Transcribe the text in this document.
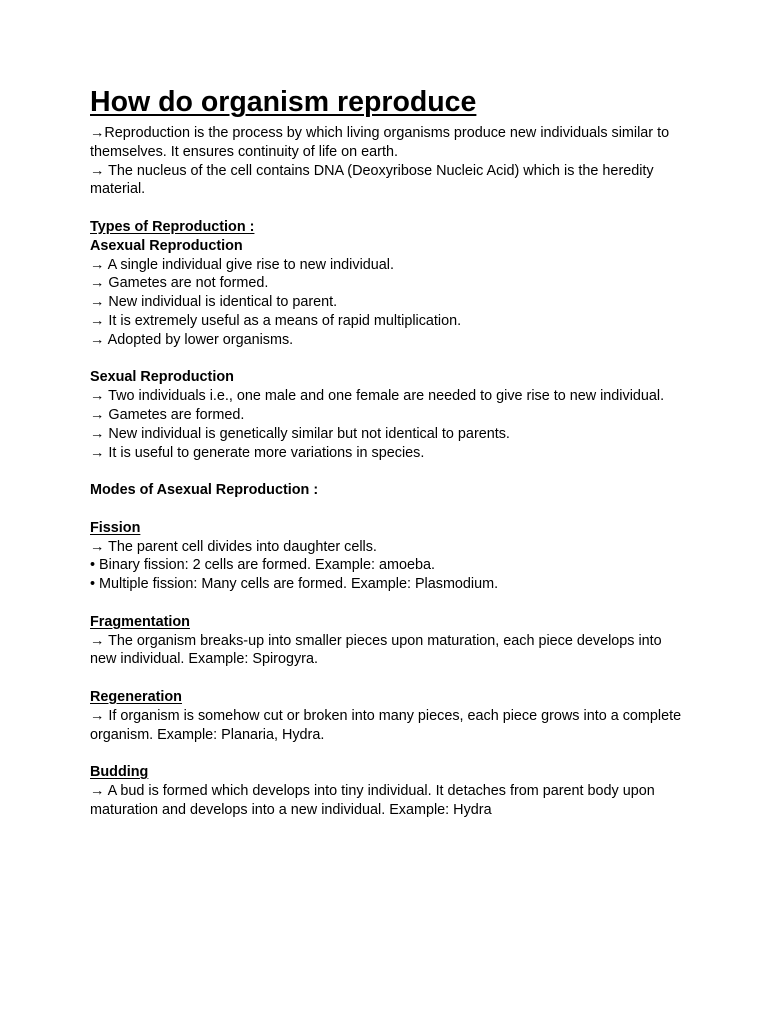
How do organism reproduce

→Reproduction is the process by which living organisms produce new individuals similar to themselves. It ensures continuity of life on earth.

→ The nucleus of the cell contains DNA (Deoxyribose Nucleic Acid) which is the heredity material.

Types of Reproduction :

Asexual Reproduction

→ A single individual give rise to new individual.

→ Gametes are not formed.

→ New individual is identical to parent.

→ It is extremely useful as a means of rapid multiplication.

→ Adopted by lower organisms.

Sexual Reproduction

→ Two individuals i.e., one male and one female are needed to give rise to new individual.

→ Gametes are formed.

→ New individual is genetically similar but not identical to parents.

→ It is useful to generate more variations in species.

Modes of Asexual Reproduction :

Fission

→ The parent cell divides into daughter cells.

• Binary fission: 2 cells are formed. Example: amoeba.

• Multiple fission: Many cells are formed. Example: Plasmodium.

Fragmentation

→ The organism breaks-up into smaller pieces upon maturation, each piece develops into new individual. Example: Spirogyra.

Regeneration

→ If organism is somehow cut or broken into many pieces, each piece grows into a complete organism. Example: Planaria, Hydra.

Budding

→ A bud is formed which develops into tiny individual. It detaches from parent body upon maturation and develops into a new individual. Example: Hydra
